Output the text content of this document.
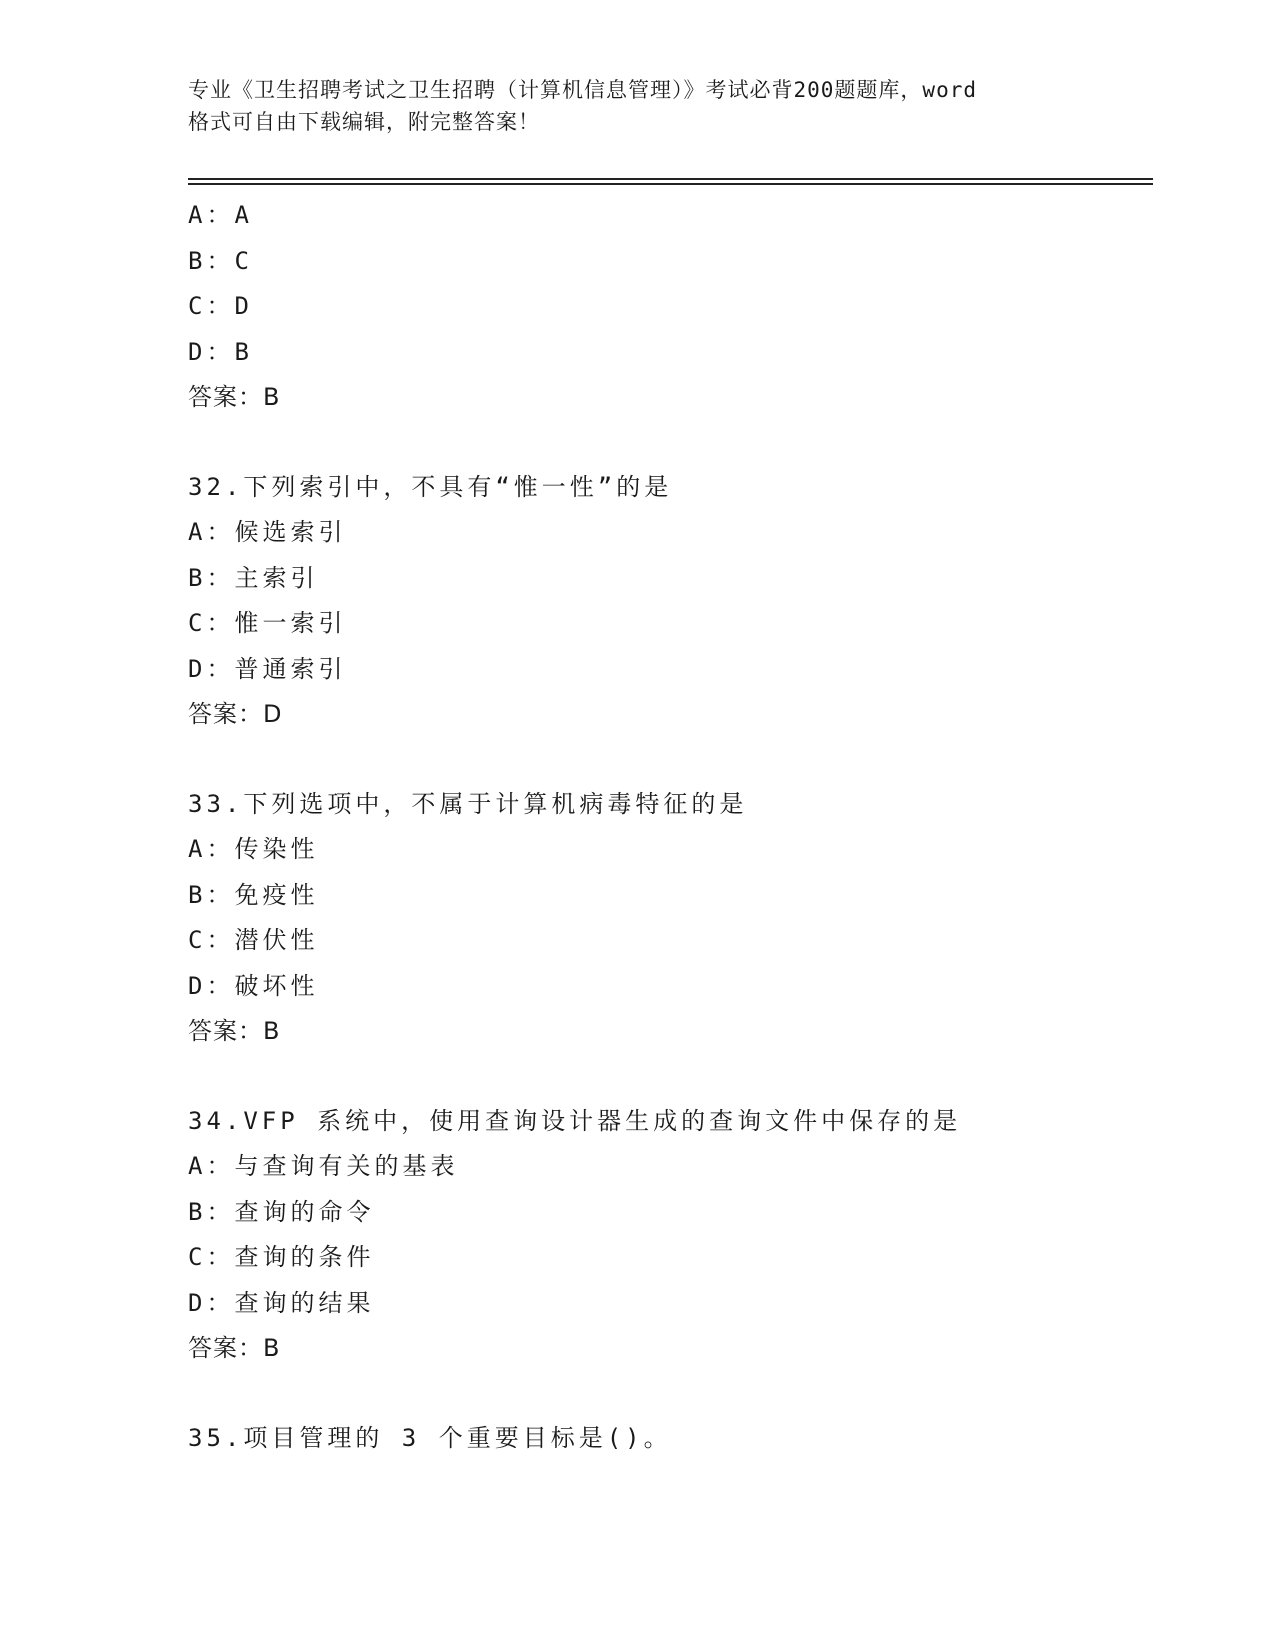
专业《卫生招聘考试之卫生招聘（计算机信息管理）》考试必背200题题库，word
格式可自由下载编辑，附完整答案！
A：A
B：C
C：D
D：B
答案：B
32.下列索引中，不具有“惟一性”的是
A：候选索引
B：主索引
C：惟一索引
D：普通索引
答案：D
33.下列选项中，不属于计算机病毒特征的是
A：传染性
B：免疫性
C：潜伏性
D：破坏性
答案：B
34.VFP 系统中，使用查询设计器生成的查询文件中保存的是
A：与查询有关的基表
B：查询的命令
C：查询的条件
D：查询的结果
答案：B
35.项目管理的 3 个重要目标是()。
